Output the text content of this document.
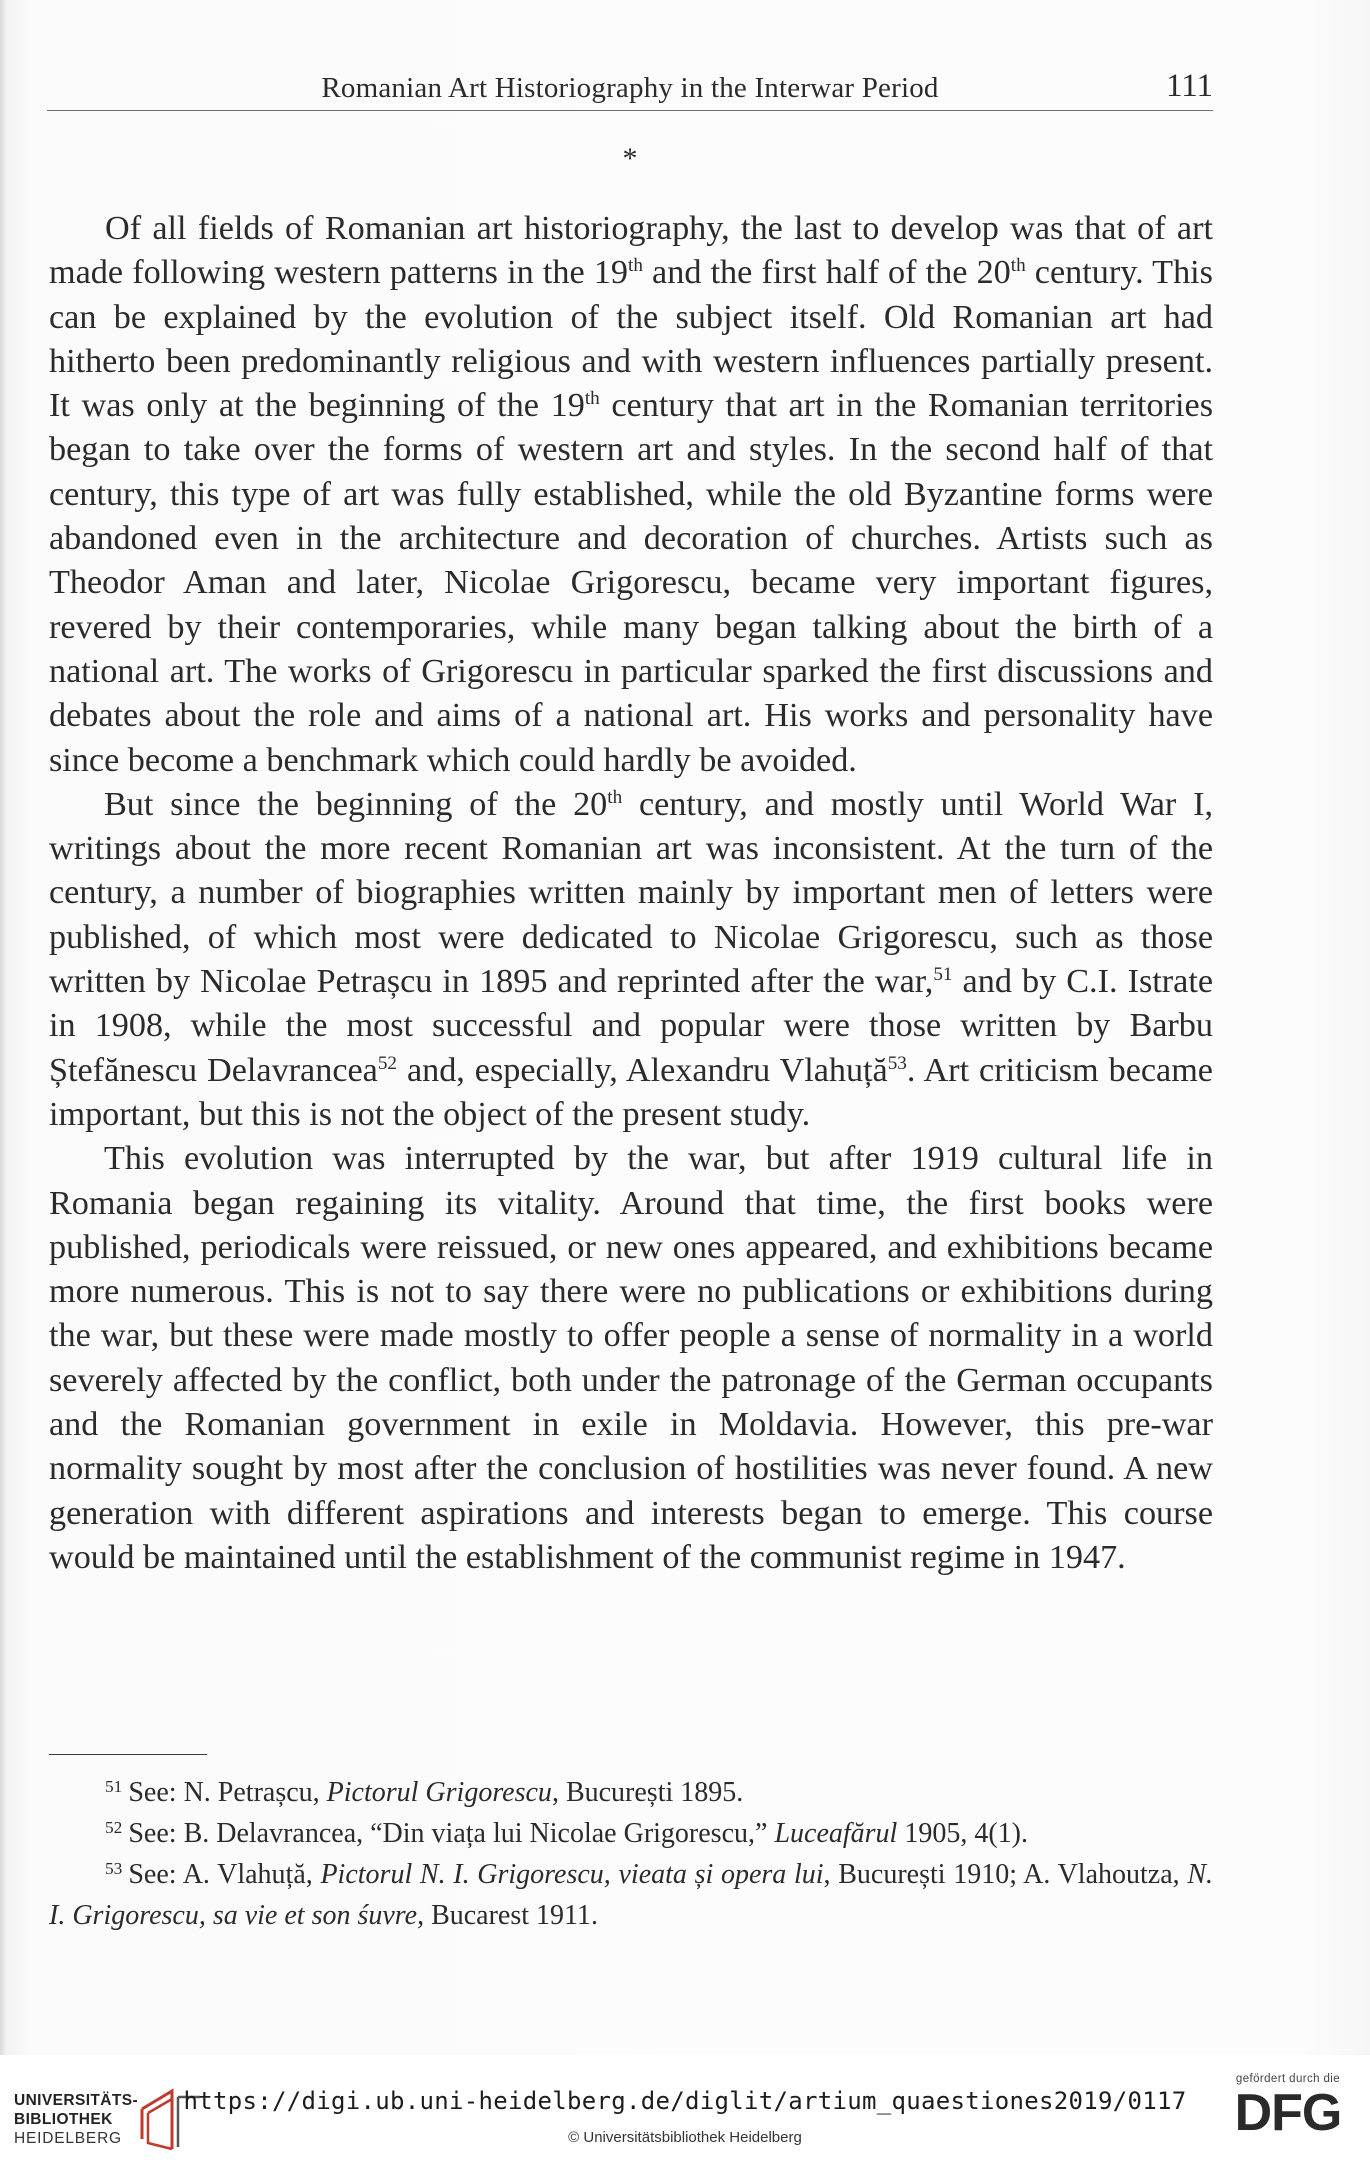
Romanian Art Historiography in the Interwar Period	111
*

Of all fields of Romanian art historiography, the last to develop was that of art made following western patterns in the 19th and the first half of the 20th century. This can be explained by the evolution of the subject itself. Old Romanian art had hitherto been predominantly religious and with western influences partially present. It was only at the beginning of the 19th century that art in the Romanian territories began to take over the forms of western art and styles. In the second half of that century, this type of art was fully established, while the old Byzantine forms were abandoned even in the architecture and decoration of churches. Artists such as Theodor Aman and later, Nicolae Grigorescu, became very important figures, revered by their contemporaries, while many began talking about the birth of a national art. The works of Grigorescu in particular sparked the first discussions and debates about the role and aims of a national art. His works and personality have since become a benchmark which could hardly be avoided.

But since the beginning of the 20th century, and mostly until World War I, writings about the more recent Romanian art was inconsistent. At the turn of the century, a number of biographies written mainly by important men of letters were published, of which most were dedicated to Nicolae Grigorescu, such as those written by Nicolae Petrașcu in 1895 and reprinted after the war,$^{51}$ and by C.I. Istrate in 1908, while the most successful and popular were those written by Barbu Ștefănescu Delavrancea$^{52}$ and, especially, Alexandru Vlahuță$^{53}$. Art criticism became important, but this is not the object of the present study.

This evolution was interrupted by the war, but after 1919 cultural life in Romania began regaining its vitality. Around that time, the first books were published, periodicals were reissued, or new ones appeared, and exhibitions became more numerous. This is not to say there were no publications or exhibitions during the war, but these were made mostly to offer people a sense of normality in a world severely affected by the conflict, both under the patronage of the German occupants and the Romanian government in exile in Moldavia. However, this pre-war normality sought by most after the conclusion of hostilities was never found. A new generation with different aspirations and interests began to emerge. This course would be maintained until the establishment of the communist regime in 1947.

$^{51}$ See: N. Petrașcu, Pictorul Grigorescu, București 1895.

$^{52}$ See: B. Delavrancea, “Din viața lui Nicolae Grigorescu,” Luceafărul 1905, 4(1).

$^{53}$ See: A. Vlahuță, Pictorul N. I. Grigorescu, vieata și opera lui, București 1910; A. Vlahoutza, N. I. Grigorescu, sa vie et son śuvre, Bucarest 1911.

UNIVERSITÄTS-
BIBLIOTHEK
HEIDELBERG
https://digi.ub.uni-heidelberg.de/diglit/artium_quaestiones2019/0117
© Universitätsbibliothek Heidelberg
gefördert durch die
DFG
